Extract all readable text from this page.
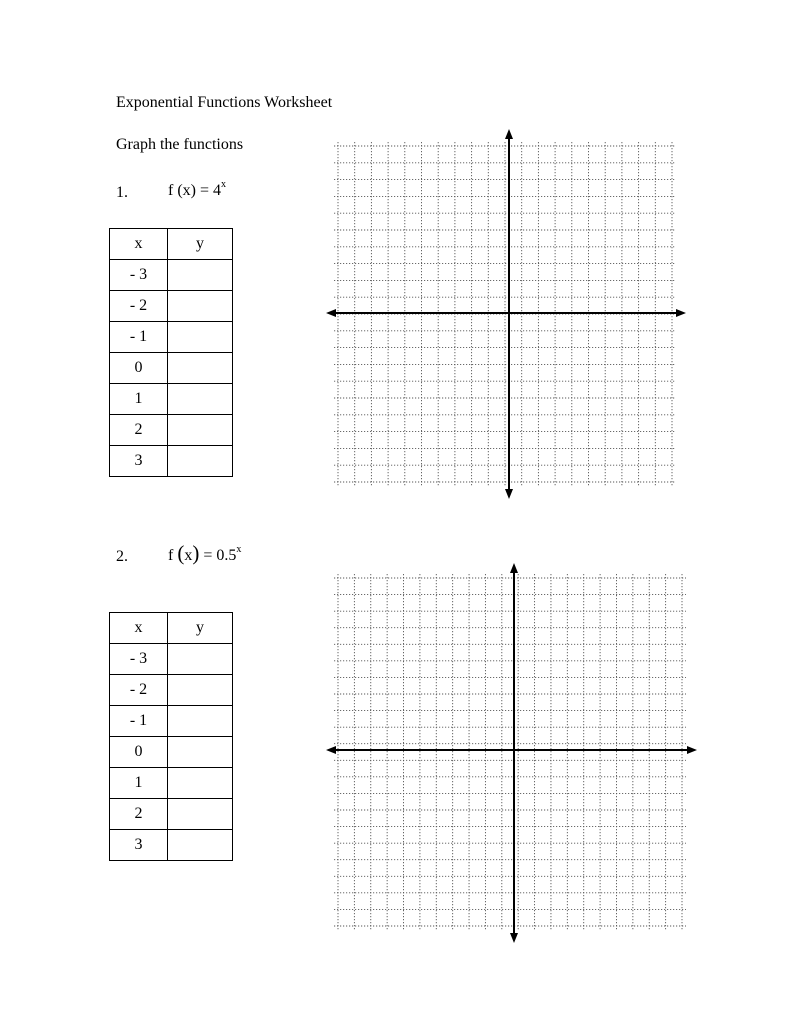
Exponential Functions Worksheet
Graph the functions
1.	f $(x) = 4^x$
x	y
- 3	
- 2	
- 1	
0	
1	
2	
3	
2.	f $(x) = 0.5^x$
x	y
- 3	
- 2	
- 1	
0	
1	
2	
3	
